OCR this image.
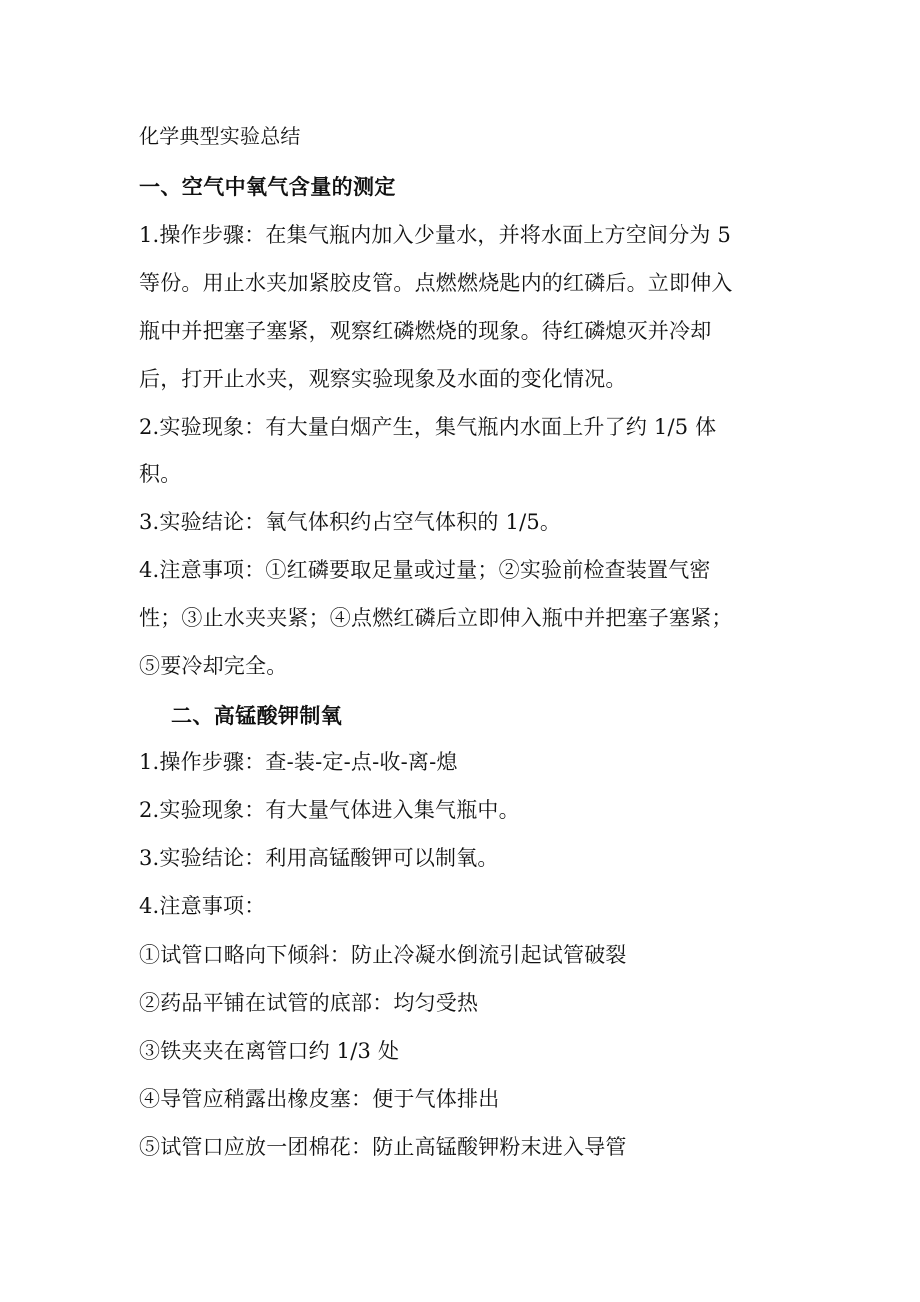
化学典型实验总结
一、空气中氧气含量的测定
1.操作步骤：在集气瓶内加入少量水，并将水面上方空间分为 5
等份。用止水夹加紧胶皮管。点燃燃烧匙内的红磷后。立即伸入
瓶中并把塞子塞紧，观察红磷燃烧的现象。待红磷熄灭并冷却
后，打开止水夹，观察实验现象及水面的变化情况。
2.实验现象：有大量白烟产生，集气瓶内水面上升了约 1/5 体
积。
3.实验结论：氧气体积约占空气体积的 1/5。
4.注意事项：①红磷要取足量或过量；②实验前检查装置气密
性；③止水夹夹紧；④点燃红磷后立即伸入瓶中并把塞子塞紧；
⑤要冷却完全。
二、高锰酸钾制氧
1.操作步骤：查-装-定-点-收-离-熄
2.实验现象：有大量气体进入集气瓶中。
3.实验结论：利用高锰酸钾可以制氧。
4.注意事项：
①试管口略向下倾斜：防止冷凝水倒流引起试管破裂
②药品平铺在试管的底部：均匀受热
③铁夹夹在离管口约 1/3 处
④导管应稍露出橡皮塞：便于气体排出
⑤试管口应放一团棉花：防止高锰酸钾粉末进入导管
